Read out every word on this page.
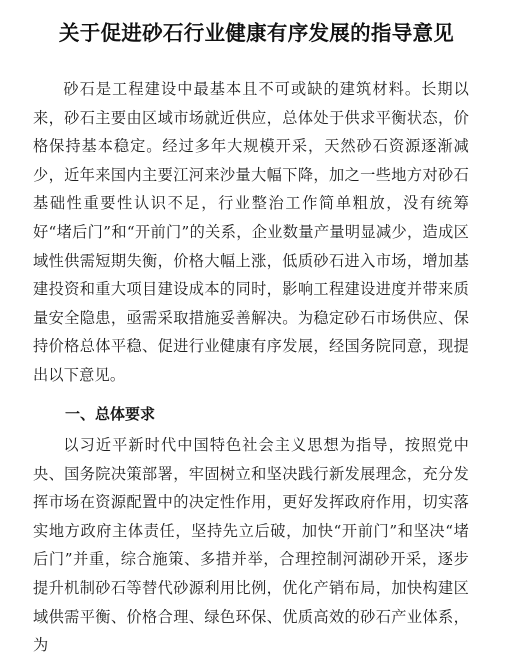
关于促进砂石行业健康有序发展的指导意见

砂石是工程建设中最基本且不可或缺的建筑材料。长期以来，砂石主要由区域市场就近供应，总体处于供求平衡状态，价格保持基本稳定。经过多年大规模开采，天然砂石资源逐渐减少，近年来国内主要江河来沙量大幅下降，加之一些地方对砂石基础性重要性认识不足，行业整治工作简单粗放，没有统筹好“堵后门”和“开前门”的关系，企业数量产量明显减少，造成区域性供需短期失衡，价格大幅上涨，低质砂石进入市场，增加基建投资和重大项目建设成本的同时，影响工程建设进度并带来质量安全隐患，亟需采取措施妥善解决。为稳定砂石市场供应、保持价格总体平稳、促进行业健康有序发展，经国务院同意，现提出以下意见。

一、总体要求

以习近平新时代中国特色社会主义思想为指导，按照党中央、国务院决策部署，牢固树立和坚决践行新发展理念，充分发挥市场在资源配置中的决定性作用，更好发挥政府作用，切实落实地方政府主体责任，坚持先立后破，加快“开前门”和坚决“堵后门”并重，综合施策、多措并举，合理控制河湖砂开采，逐步提升机制砂石等替代砂源利用比例，优化产销布局，加快构建区域供需平衡、价格合理、绿色环保、优质高效的砂石产业体系，为
